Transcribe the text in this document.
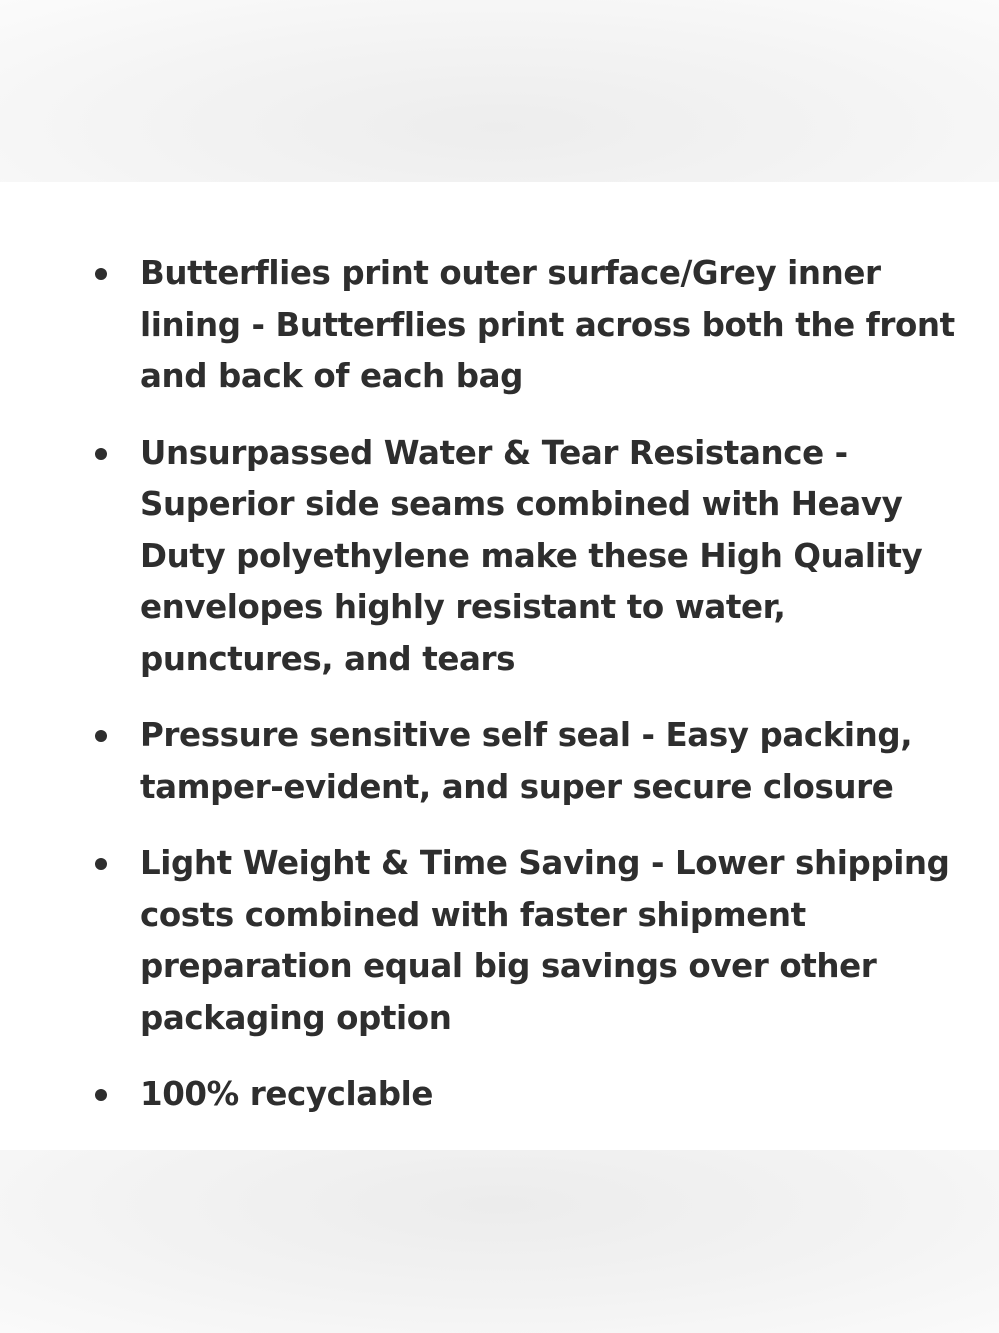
Butterflies print outer surface/Grey inner
lining - Butterflies print across both the front
and back of each bag
Unsurpassed Water & Tear Resistance -
Superior side seams combined with Heavy
Duty polyethylene make these High Quality
envelopes highly resistant to water,
punctures, and tears
Pressure sensitive self seal - Easy packing,
tamper-evident, and super secure closure
Light Weight & Time Saving - Lower shipping
costs combined with faster shipment
preparation equal big savings over other
packaging option
100% recyclable
